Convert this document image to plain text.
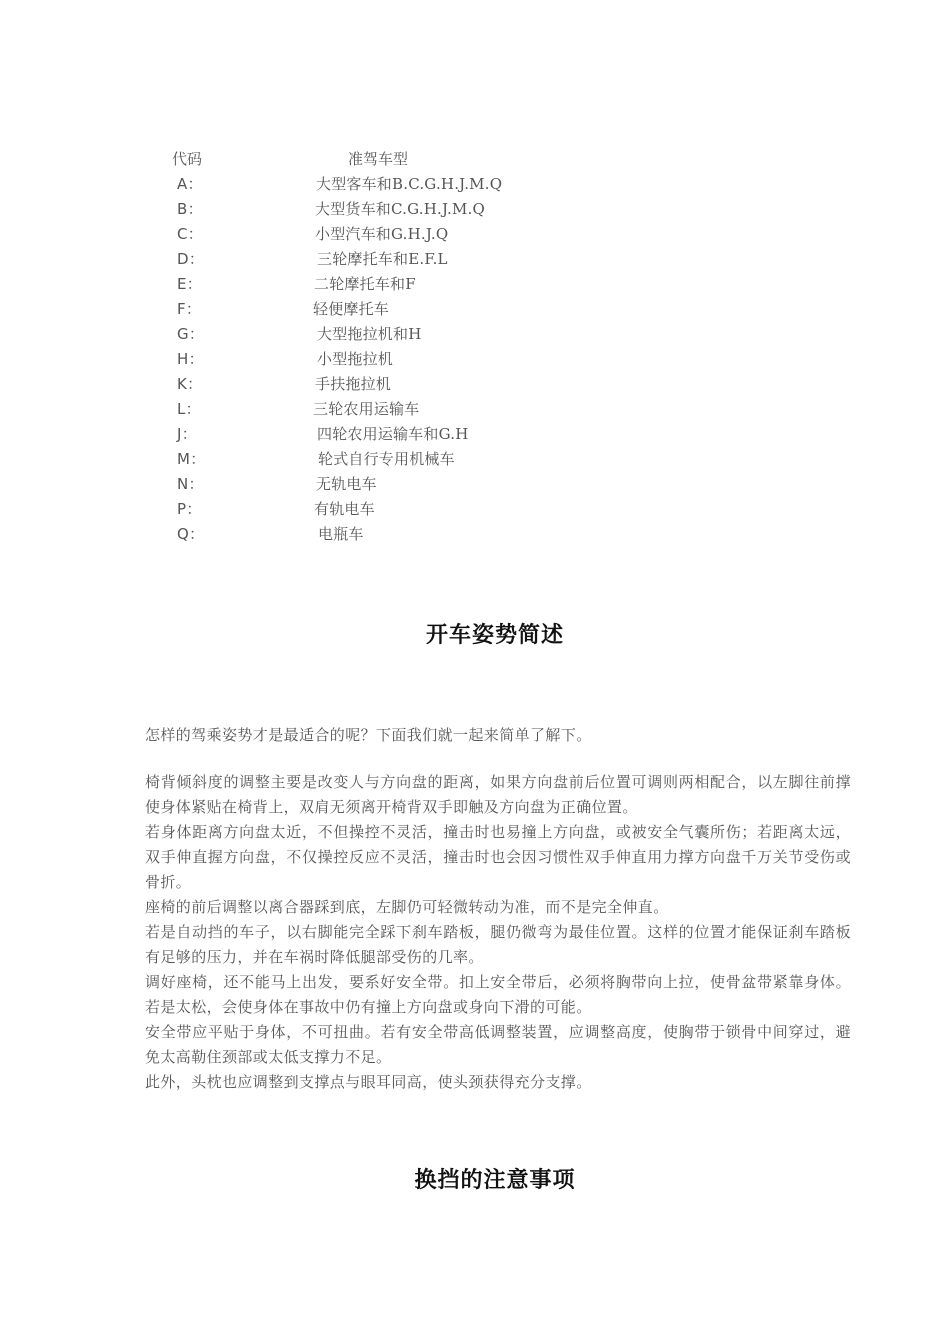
代码	准驾车型
A：	大型客车和B.C.G.H.J.M.Q
B：	大型货车和C.G.H.J.M.Q
C：	小型汽车和G.H.J.Q
D：	三轮摩托车和E.F.L
E：	二轮摩托车和F
F：	轻便摩托车
G：	大型拖拉机和H
H：	小型拖拉机
K：	手扶拖拉机
L：	三轮农用运输车
J：	四轮农用运输车和G.H
M：	轮式自行专用机械车
N：	无轨电车
P：	有轨电车
Q：	电瓶车
开车姿势简述
怎样的驾乘姿势才是最适合的呢？下面我们就一起来简单了解下。

椅背倾斜度的调整主要是改变人与方向盘的距离，如果方向盘前后位置可调则两相配合，以左脚往前撑使身体紧贴在椅背上，双肩无须离开椅背双手即触及方向盘为正确位置。

若身体距离方向盘太近，不但操控不灵活，撞击时也易撞上方向盘，或被安全气囊所伤；若距离太远，双手伸直握方向盘，不仅操控反应不灵活，撞击时也会因习惯性双手伸直用力撑方向盘千万关节受伤或骨折。

座椅的前后调整以离合器踩到底，左脚仍可轻微转动为准，而不是完全伸直。

若是自动挡的车子，以右脚能完全踩下刹车踏板，腿仍微弯为最佳位置。这样的位置才能保证刹车踏板有足够的压力，并在车祸时降低腿部受伤的几率。

调好座椅，还不能马上出发，要系好安全带。扣上安全带后，必须将胸带向上拉，使骨盆带紧靠身体。若是太松，会使身体在事故中仍有撞上方向盘或身向下滑的可能。

安全带应平贴于身体，不可扭曲。若有安全带高低调整装置，应调整高度，使胸带于锁骨中间穿过，避免太高勒住颈部或太低支撑力不足。

此外，头枕也应调整到支撑点与眼耳同高，使头颈获得充分支撑。

换挡的注意事项
